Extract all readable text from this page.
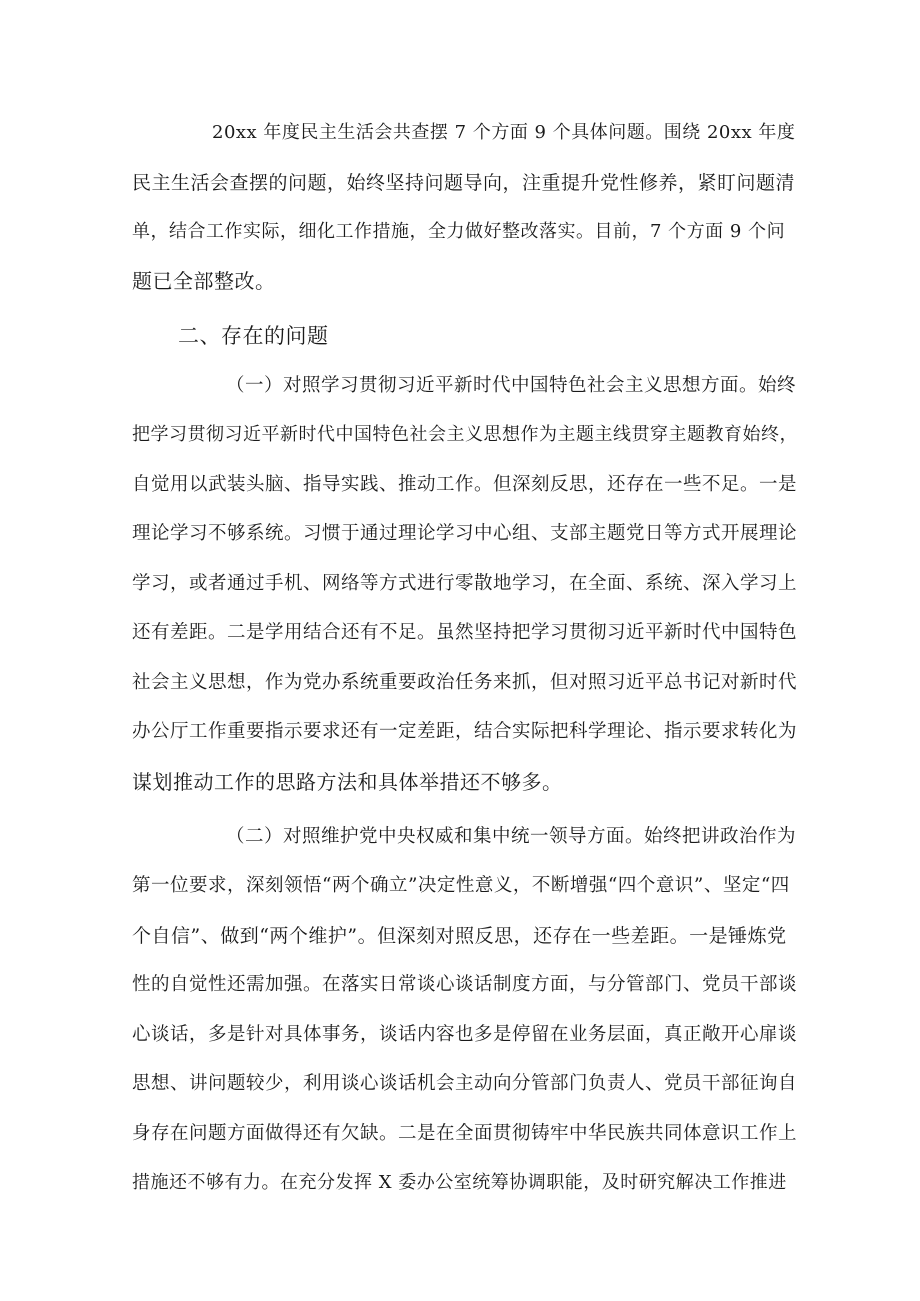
20xx 年度民主生活会共查摆 7 个方面 9 个具体问题。围绕 20xx 年度
民主生活会查摆的问题，始终坚持问题导向，注重提升党性修养，紧盯问题清
单，结合工作实际，细化工作措施，全力做好整改落实。目前，7 个方面 9 个问
题已全部整改。
二、存在的问题
（一）对照学习贯彻习近平新时代中国特色社会主义思想方面。始终
把学习贯彻习近平新时代中国特色社会主义思想作为主题主线贯穿主题教育始终，
自觉用以武装头脑、指导实践、推动工作。但深刻反思，还存在一些不足。一是
理论学习不够系统。习惯于通过理论学习中心组、支部主题党日等方式开展理论
学习，或者通过手机、网络等方式进行零散地学习，在全面、系统、深入学习上
还有差距。二是学用结合还有不足。虽然坚持把学习贯彻习近平新时代中国特色
社会主义思想，作为党办系统重要政治任务来抓，但对照习近平总书记对新时代
办公厅工作重要指示要求还有一定差距，结合实际把科学理论、指示要求转化为
谋划推动工作的思路方法和具体举措还不够多。
（二）对照维护党中央权威和集中统一领导方面。始终把讲政治作为
第一位要求，深刻领悟“两个确立”决定性意义，不断增强“四个意识”、坚定“四
个自信”、做到“两个维护”。但深刻对照反思，还存在一些差距。一是锤炼党
性的自觉性还需加强。在落实日常谈心谈话制度方面，与分管部门、党员干部谈
心谈话，多是针对具体事务，谈话内容也多是停留在业务层面，真正敞开心扉谈
思想、讲问题较少，利用谈心谈话机会主动向分管部门负责人、党员干部征询自
身存在问题方面做得还有欠缺。二是在全面贯彻铸牢中华民族共同体意识工作上
措施还不够有力。在充分发挥 X 委办公室统筹协调职能，及时研究解决工作推进
